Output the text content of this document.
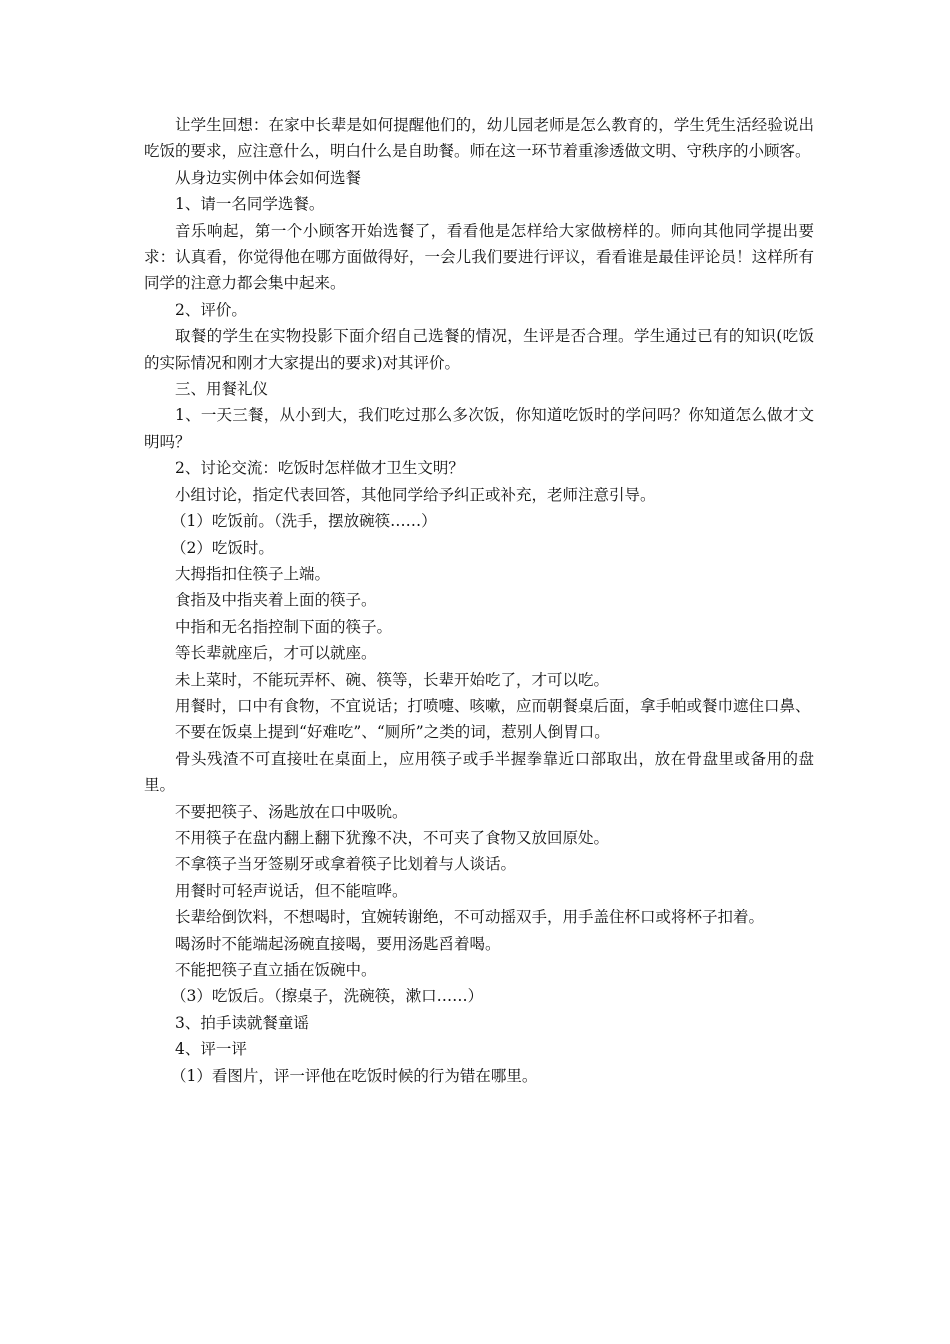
让学生回想：在家中长辈是如何提醒他们的，幼儿园老师是怎么教育的，学生凭生活经验说出吃饭的要求，应注意什么，明白什么是自助餐。师在这一环节着重渗透做文明、守秩序的小顾客。

从身边实例中体会如何选餐

1、请一名同学选餐。

音乐响起，第一个小顾客开始选餐了，看看他是怎样给大家做榜样的。师向其他同学提出要求：认真看，你觉得他在哪方面做得好，一会儿我们要进行评议，看看谁是最佳评论员！这样所有同学的注意力都会集中起来。

2、评价。

取餐的学生在实物投影下面介绍自己选餐的情况，生评是否合理。学生通过已有的知识(吃饭的实际情况和刚才大家提出的要求)对其评价。

三、用餐礼仪

1、一天三餐，从小到大，我们吃过那么多次饭，你知道吃饭时的学问吗？你知道怎么做才文明吗？

2、讨论交流：吃饭时怎样做才卫生文明？

小组讨论，指定代表回答，其他同学给予纠正或补充，老师注意引导。

（1）吃饭前。（洗手，摆放碗筷……）

（2）吃饭时。

大拇指扣住筷子上端。

食指及中指夹着上面的筷子。

中指和无名指控制下面的筷子。

等长辈就座后，才可以就座。

未上菜时，不能玩弄杯、碗、筷等，长辈开始吃了，才可以吃。

用餐时，口中有食物，不宜说话；打喷嚏、咳嗽，应而朝餐桌后面，拿手帕或餐巾遮住口鼻、

不要在饭桌上提到“好难吃”、“厕所”之类的词，惹别人倒胃口。

骨头残渣不可直接吐在桌面上，应用筷子或手半握拳靠近口部取出，放在骨盘里或备用的盘里。

不要把筷子、汤匙放在口中吸吮。

不用筷子在盘内翻上翻下犹豫不决，不可夹了食物又放回原处。

不拿筷子当牙签剔牙或拿着筷子比划着与人谈话。

用餐时可轻声说话，但不能喧哗。

长辈给倒饮料，不想喝时，宜婉转谢绝，不可动摇双手，用手盖住杯口或将杯子扣着。

喝汤时不能端起汤碗直接喝，要用汤匙舀着喝。

不能把筷子直立插在饭碗中。

（3）吃饭后。（擦桌子，洗碗筷，漱口……）

3、拍手读就餐童谣

4、评一评

（1）看图片，评一评他在吃饭时候的行为错在哪里。
